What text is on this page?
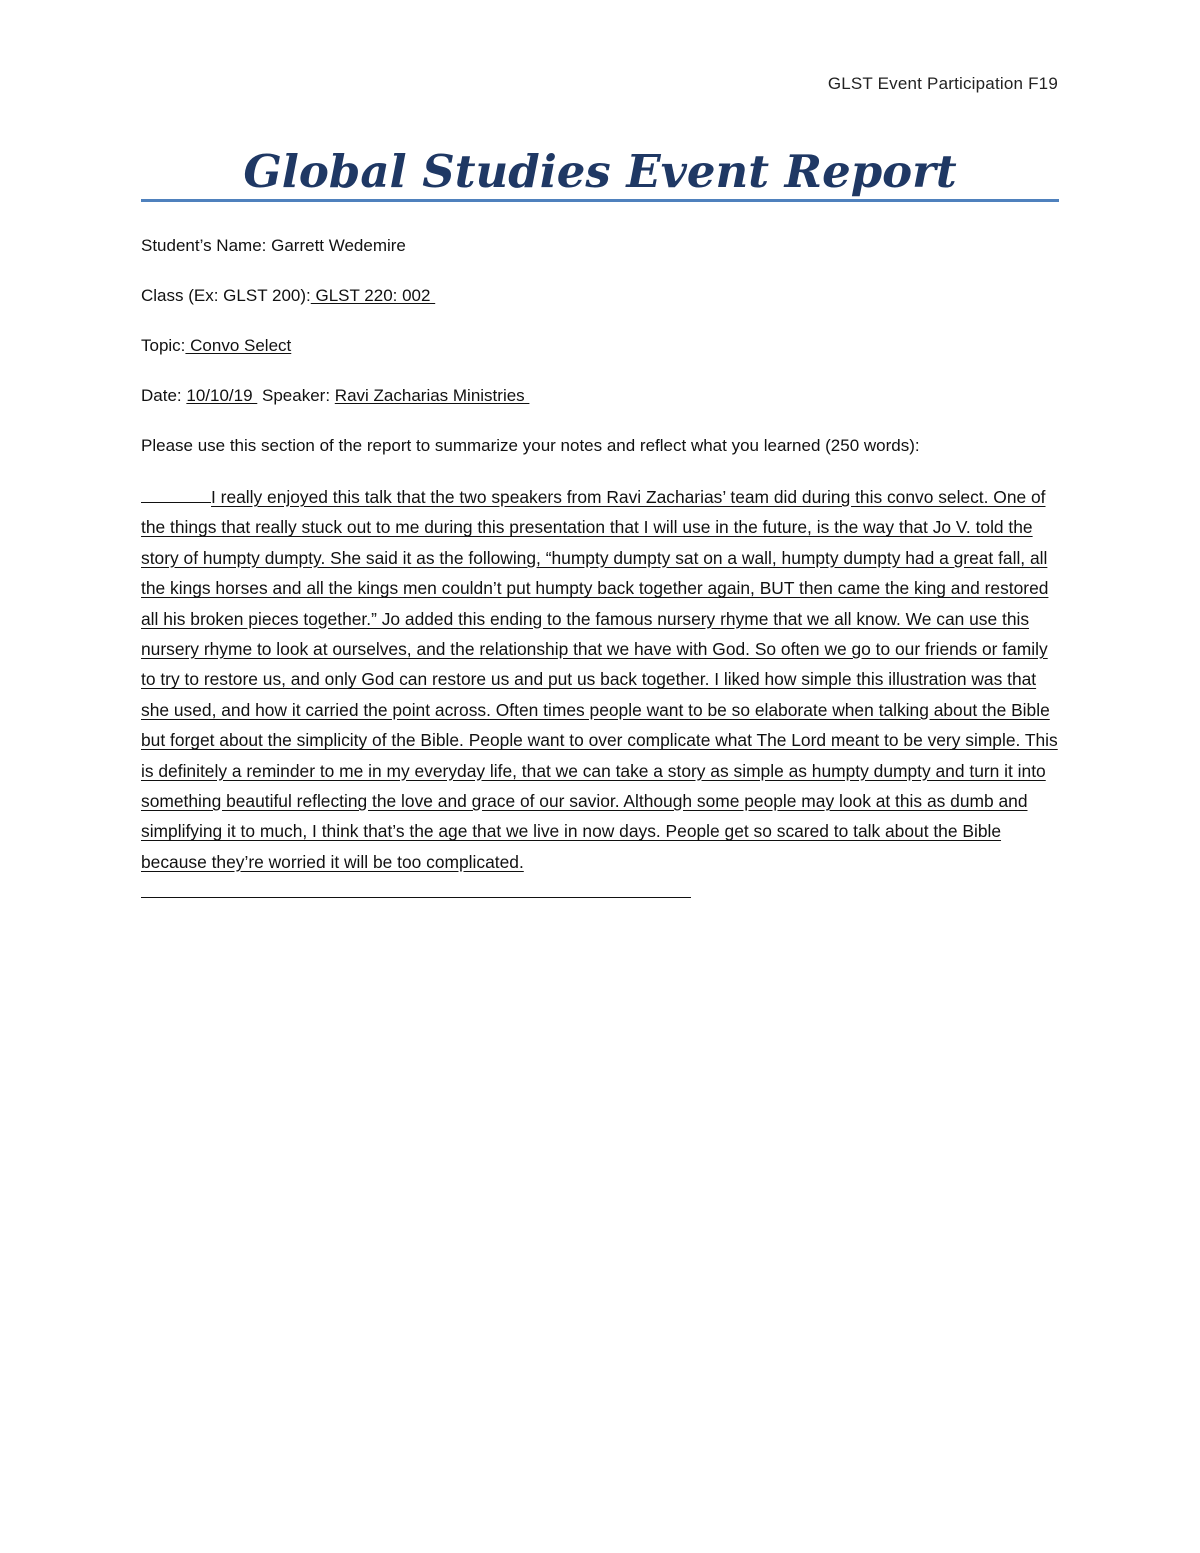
GLST Event Participation F19
Global Studies Event Report
Student’s Name: Garrett Wedemire
Class (Ex: GLST 200): GLST 220: 002
Topic: Convo Select
Date: 10/10/19  Speaker: Ravi Zacharias Ministries
Please use this section of the report to summarize your notes and reflect what you learned (250 words):
I really enjoyed this talk that the two speakers from Ravi Zacharias’ team did during this convo select. One of the things that really stuck out to me during this presentation that I will use in the future, is the way that Jo V. told the story of humpty dumpty. She said it as the following, “humpty dumpty sat on a wall, humpty dumpty had a great fall, all the kings horses and all the kings men couldn’t put humpty back together again, BUT then came the king and restored all his broken pieces together.” Jo added this ending to the famous nursery rhyme that we all know. We can use this nursery rhyme to look at ourselves, and the relationship that we have with God. So often we go to our friends or family to try to restore us, and only God can restore us and put us back together. I liked how simple this illustration was that she used, and how it carried the point across. Often times people want to be so elaborate when talking about the Bible but forget about the simplicity of the Bible. People want to over complicate what The Lord meant to be very simple. This is definitely a reminder to me in my everyday life, that we can take a story as simple as humpty dumpty and turn it into something beautiful reflecting the love and grace of our savior. Although some people may look at this as dumb and simplifying it to much, I think that’s the age that we live in now days. People get so scared to talk about the Bible because they’re worried it will be too complicated.
